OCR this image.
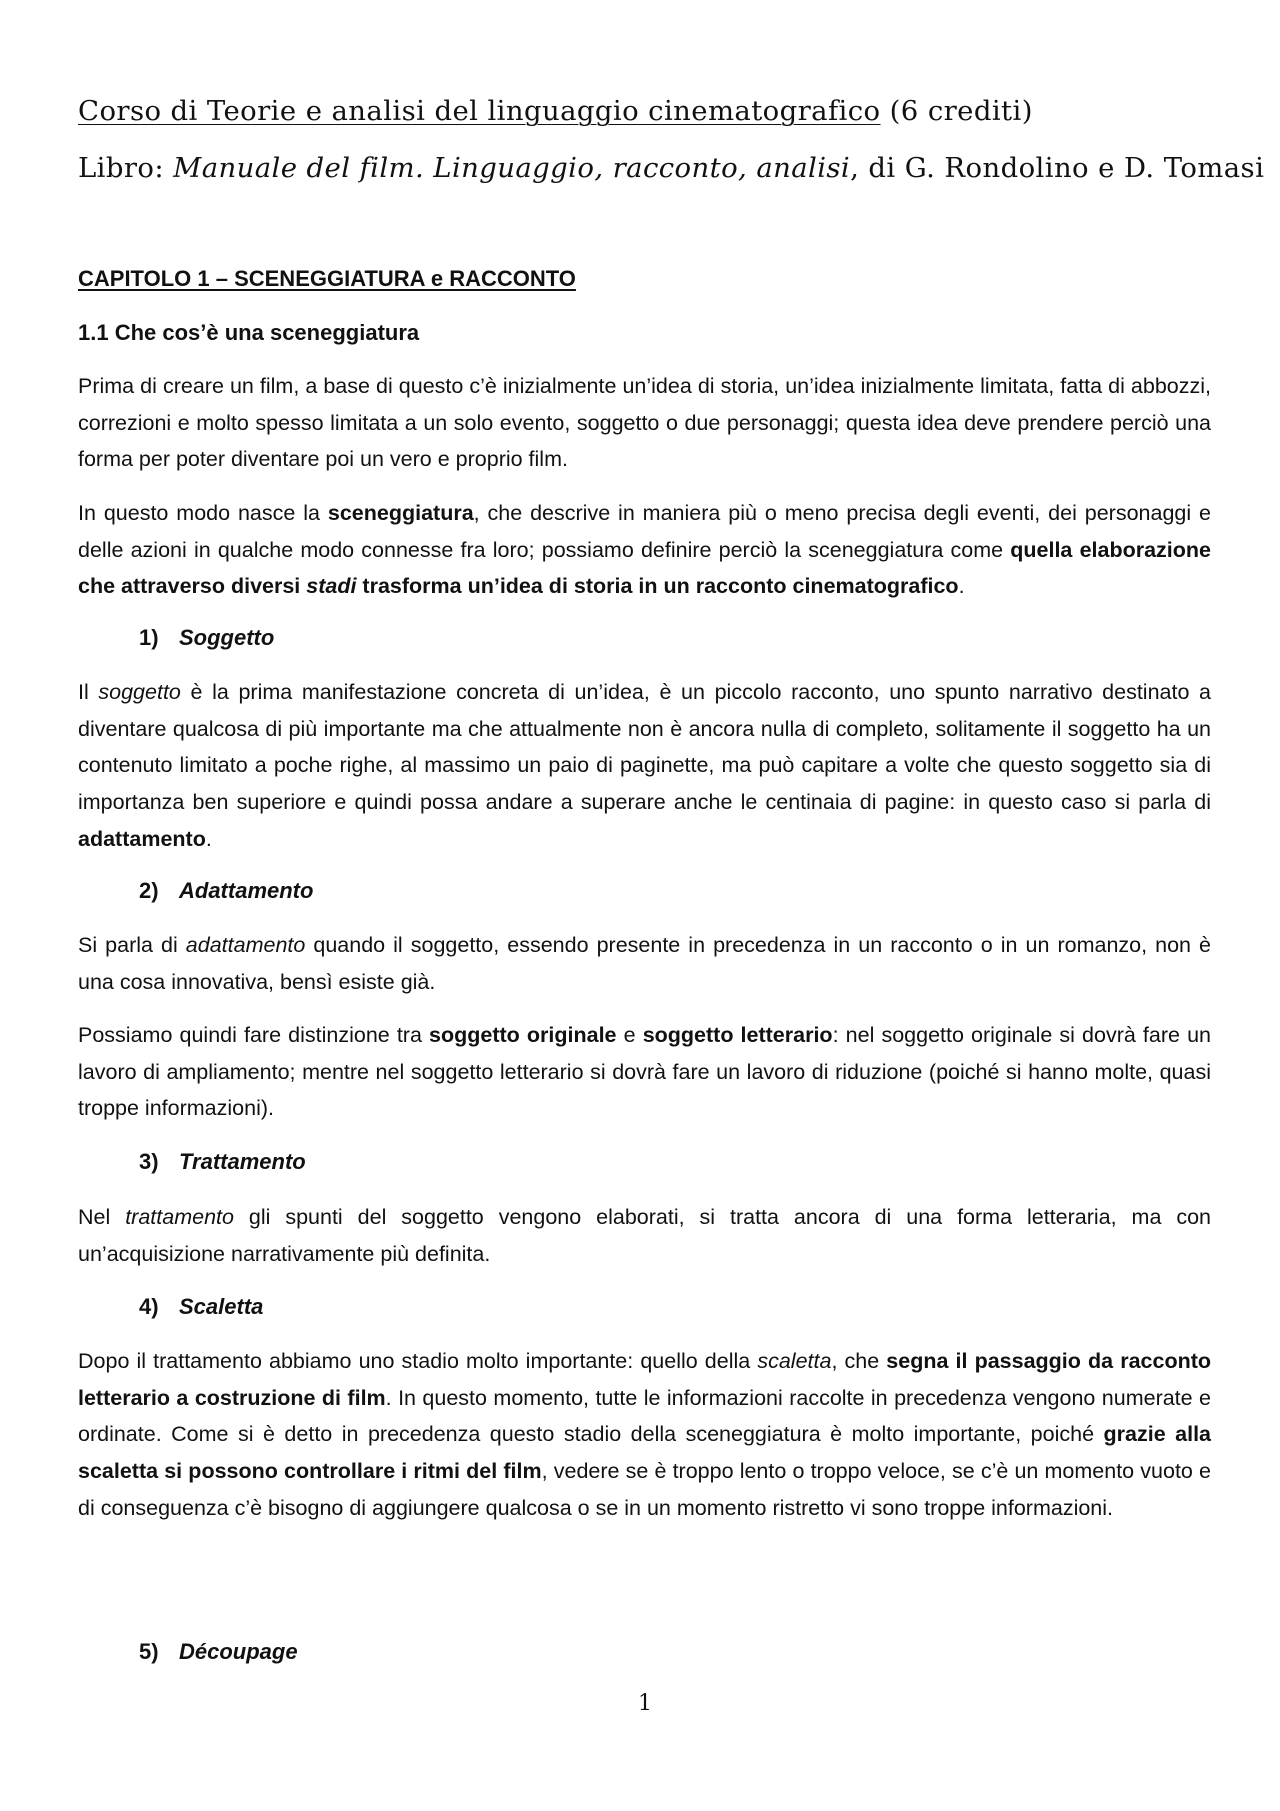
Corso di Teorie e analisi del linguaggio cinematografico (6 crediti)
Libro: Manuale del film. Linguaggio, racconto, analisi, di G. Rondolino e D. Tomasi
CAPITOLO 1 – SCENEGGIATURA e RACCONTO
1.1 Che cos’è una sceneggiatura

Prima di creare un film, a base di questo c’è inizialmente un’idea di storia, un’idea inizialmente limitata, fatta di abbozzi, correzioni e molto spesso limitata a un solo evento, soggetto o due personaggi; questa idea deve prendere perciò una forma per poter diventare poi un vero e proprio film.

In questo modo nasce la sceneggiatura, che descrive in maniera più o meno precisa degli eventi, dei personaggi e delle azioni in qualche modo connesse fra loro; possiamo definire perciò la sceneggiatura come quella elaborazione che attraverso diversi stadi trasforma un’idea di storia in un racconto cinematografico.

1) Soggetto

Il soggetto è la prima manifestazione concreta di un’idea, è un piccolo racconto, uno spunto narrativo destinato a diventare qualcosa di più importante ma che attualmente non è ancora nulla di completo, solitamente il soggetto ha un contenuto limitato a poche righe, al massimo un paio di paginette, ma può capitare a volte che questo soggetto sia di importanza ben superiore e quindi possa andare a superare anche le centinaia di pagine: in questo caso si parla di adattamento.

2) Adattamento

Si parla di adattamento quando il soggetto, essendo presente in precedenza in un racconto o in un romanzo, non è una cosa innovativa, bensì esiste già.

Possiamo quindi fare distinzione tra soggetto originale e soggetto letterario: nel soggetto originale si dovrà fare un lavoro di ampliamento; mentre nel soggetto letterario si dovrà fare un lavoro di riduzione (poiché si hanno molte, quasi troppe informazioni).

3) Trattamento

Nel trattamento gli spunti del soggetto vengono elaborati, si tratta ancora di una forma letteraria, ma con un’acquisizione narrativamente più definita.

4) Scaletta

Dopo il trattamento abbiamo uno stadio molto importante: quello della scaletta, che segna il passaggio da racconto letterario a costruzione di film. In questo momento, tutte le informazioni raccolte in precedenza vengono numerate e ordinate. Come si è detto in precedenza questo stadio della sceneggiatura è molto importante, poiché grazie alla scaletta si possono controllare i ritmi del film, vedere se è troppo lento o troppo veloce, se c’è un momento vuoto e di conseguenza c’è bisogno di aggiungere qualcosa o se in un momento ristretto vi sono troppe informazioni.

5) Découpage
1
